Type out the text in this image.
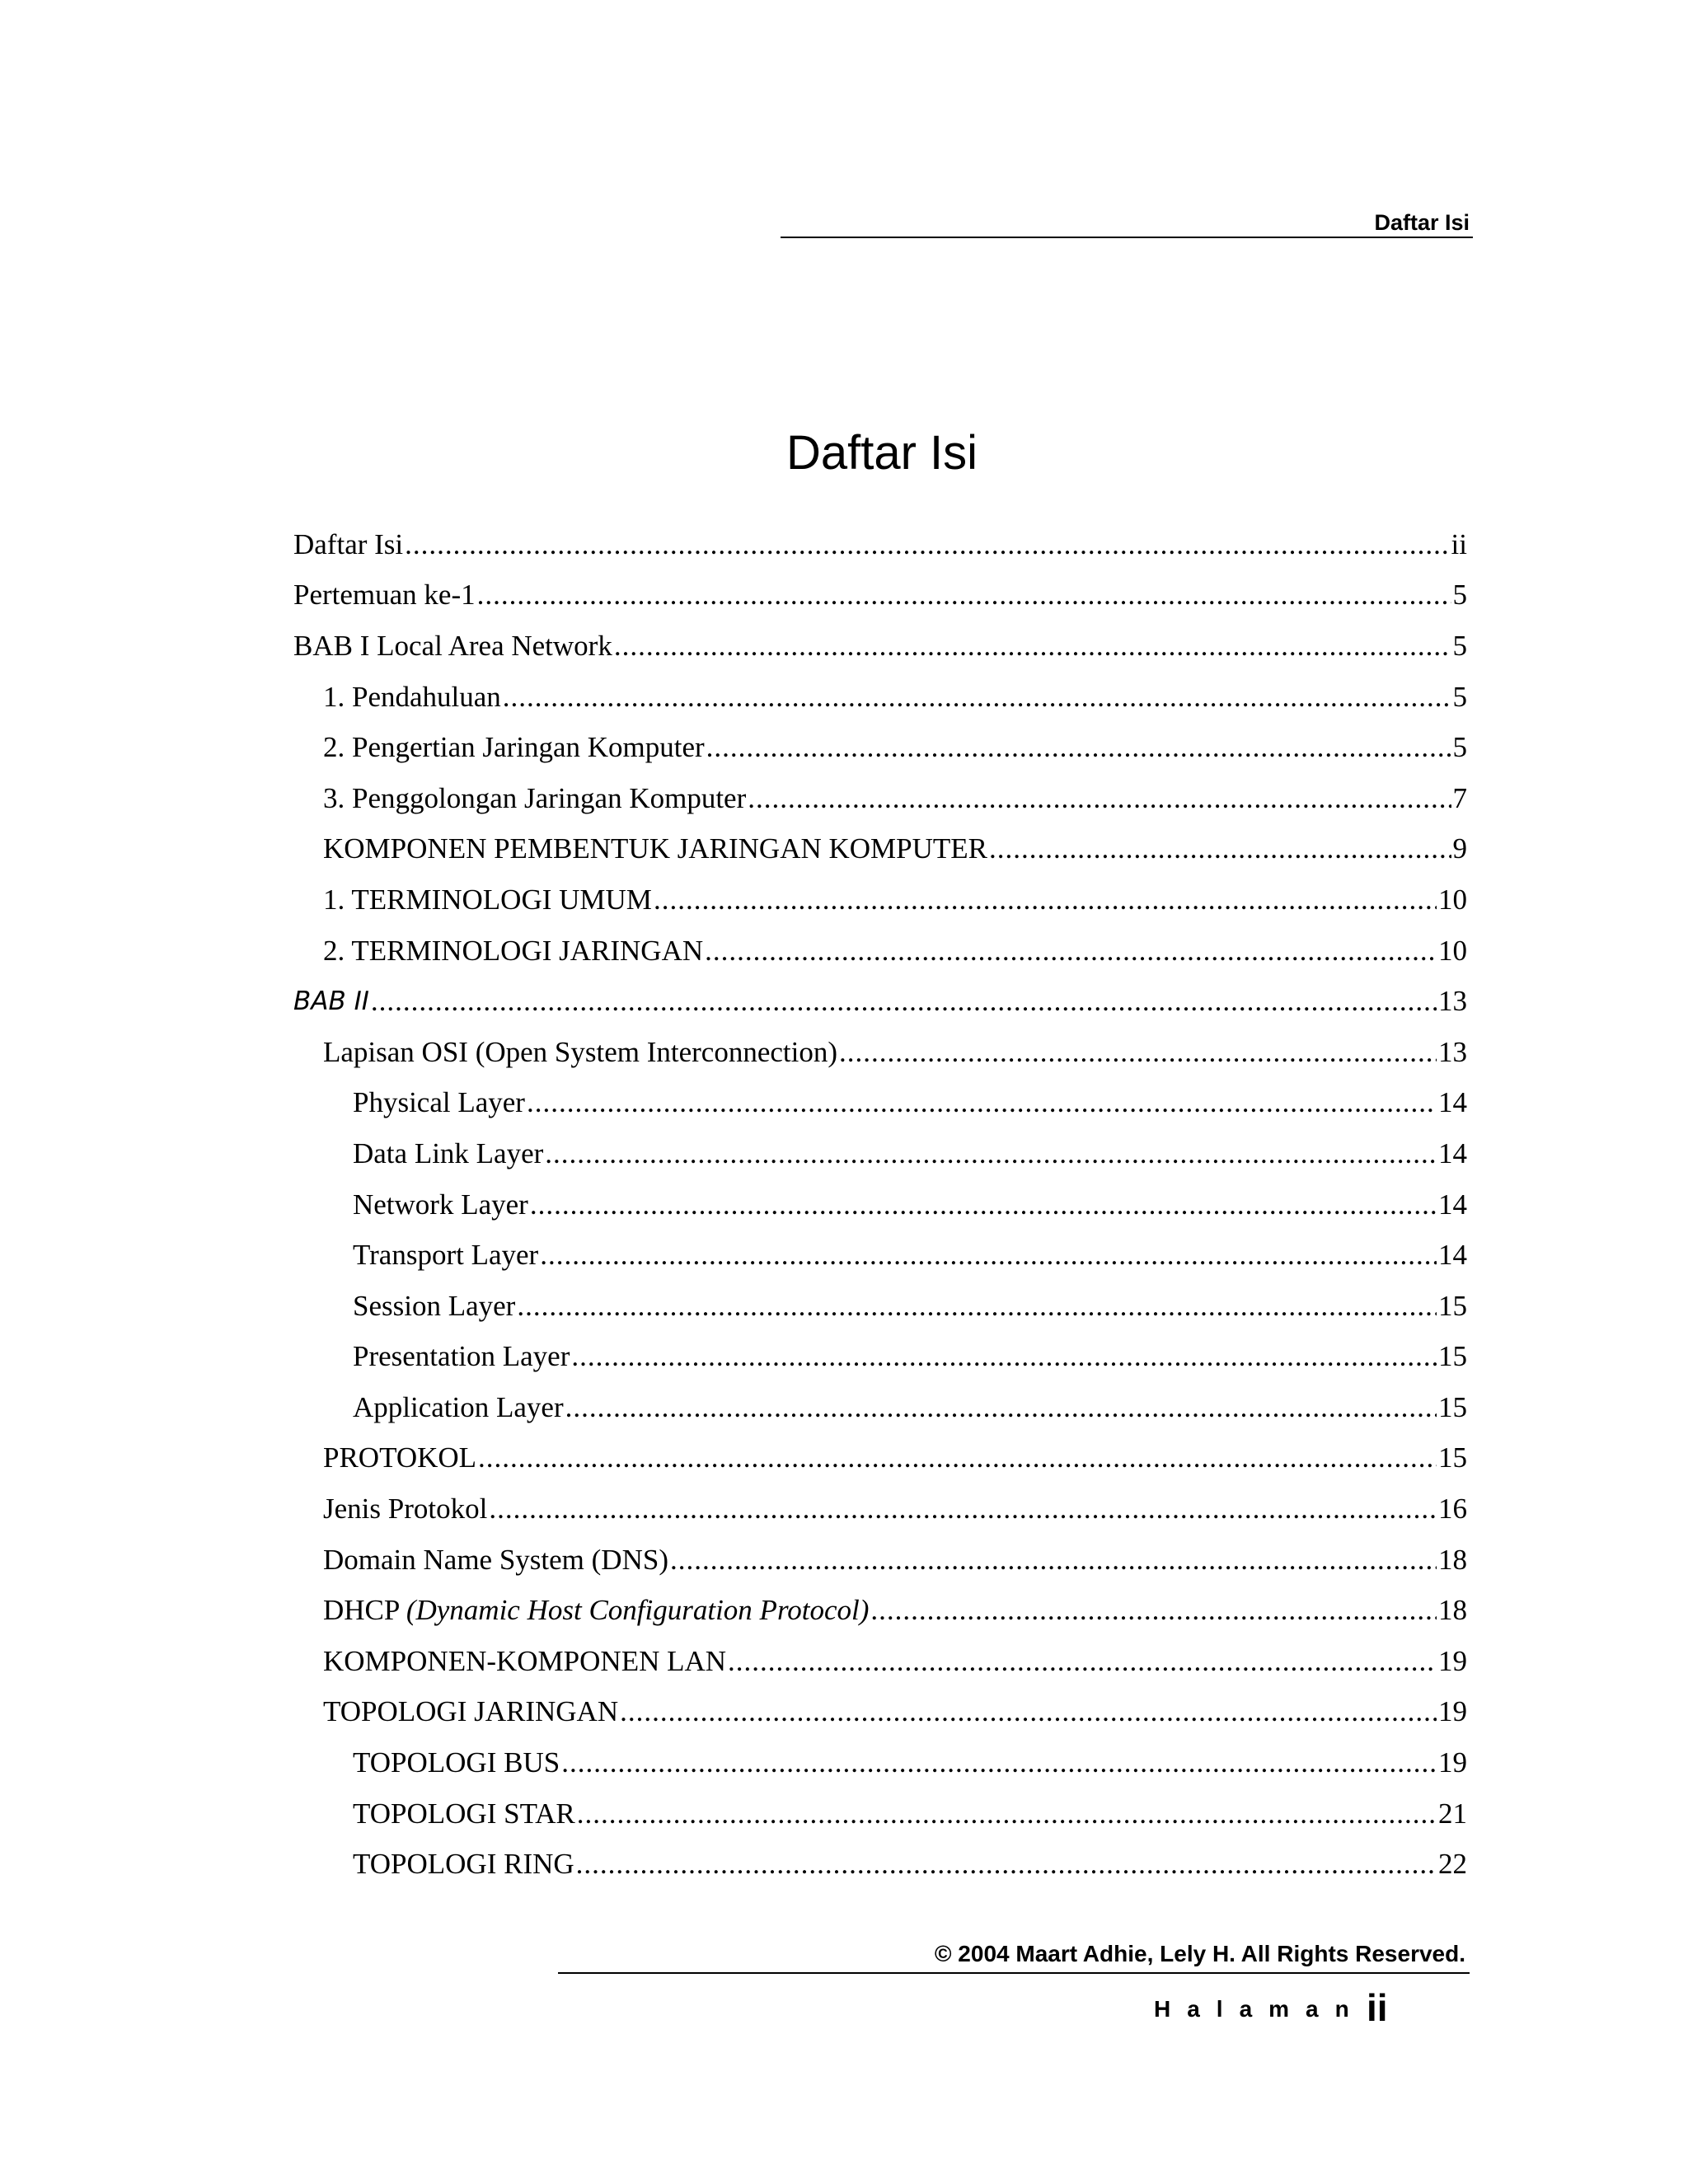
Daftar Isi
Daftar Isi
Daftar Isi .....	ii
Pertemuan ke-1 .....	5
BAB I Local Area Network .....	5
1. Pendahuluan .....	5
2. Pengertian Jaringan Komputer .....	5
3. Penggolongan Jaringan Komputer .....	7
KOMPONEN PEMBENTUK JARINGAN KOMPUTER .....	9
1. TERMINOLOGI UMUM .....	10
2. TERMINOLOGI JARINGAN .....	10
BAB II .....	13
Lapisan OSI (Open System Interconnection) .....	13
Physical Layer .....	14
Data Link Layer .....	14
Network Layer .....	14
Transport Layer .....	14
Session Layer .....	15
Presentation Layer .....	15
Application Layer .....	15
PROTOKOL .....	15
Jenis Protokol .....	16
Domain Name System (DNS) .....	18
DHCP (Dynamic Host Configuration Protocol) .....	18
KOMPONEN-KOMPONEN LAN .....	19
TOPOLOGI JARINGAN .....	19
TOPOLOGI BUS .....	19
TOPOLOGI STAR .....	21
TOPOLOGI RING .....	22
© 2004 Maart Adhie, Lely H. All Rights Reserved.
Halaman ii
